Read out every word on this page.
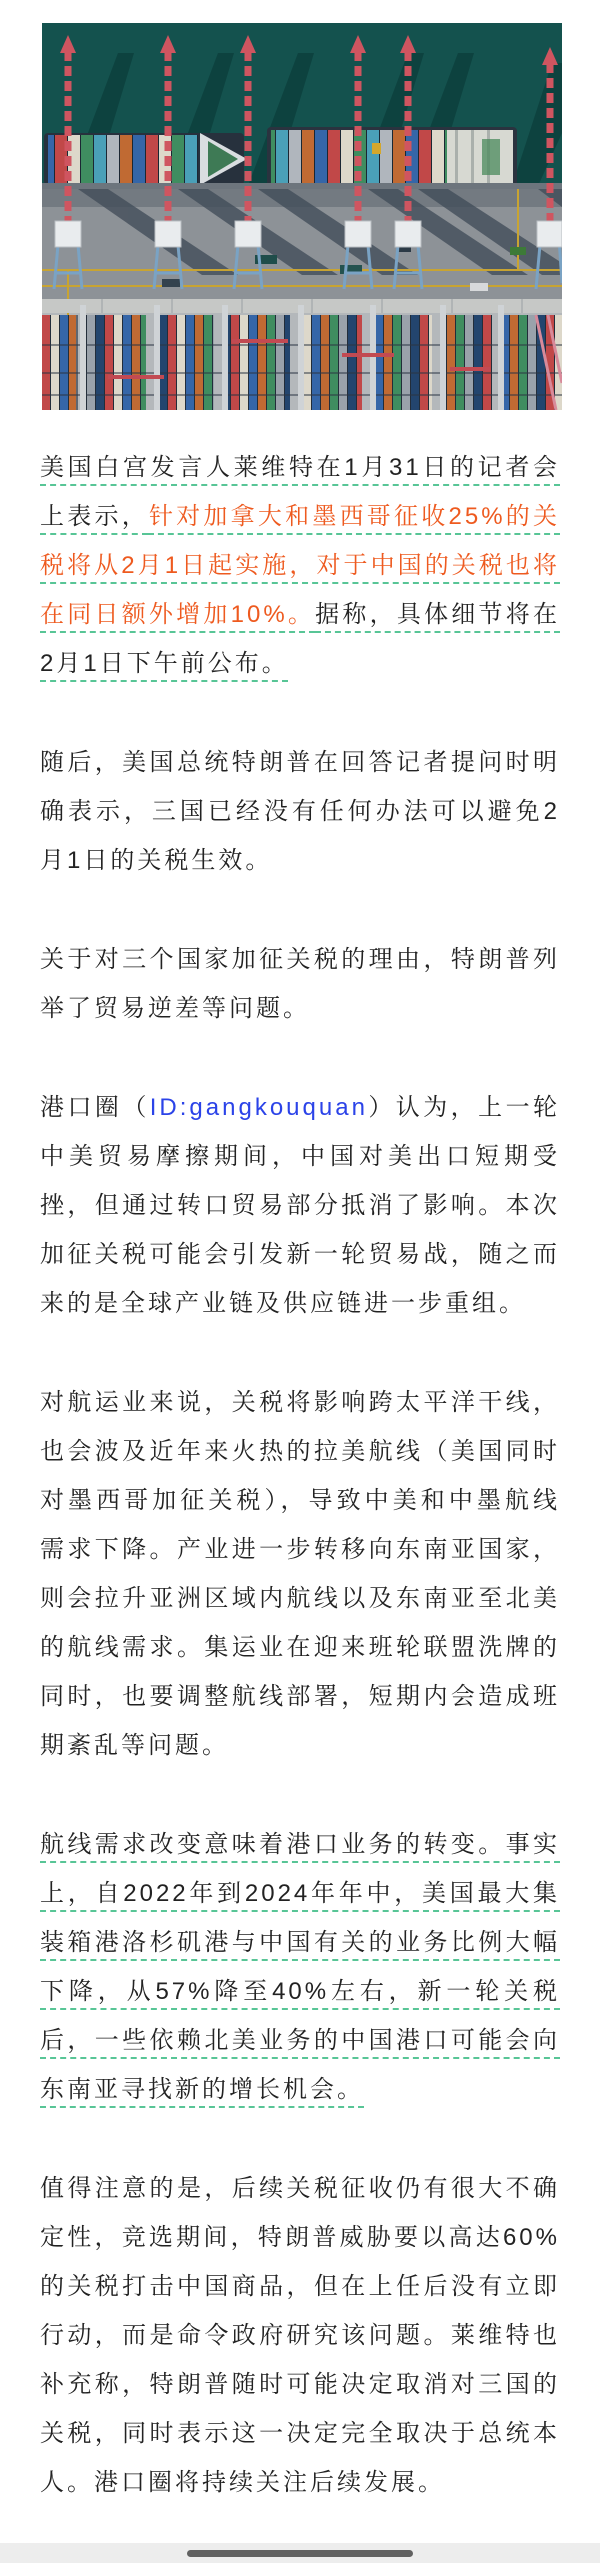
美国白宫发言人莱维特在1月31日的记者会上表示，针对加拿大和墨西哥征收25%的关税将从2月1日起实施，对于中国的关税也将在同日额外增加10%。据称，具体细节将在2月1日下午前公布。

随后，美国总统特朗普在回答记者提问时明确表示，三国已经没有任何办法可以避免2月1日的关税生效。

关于对三个国家加征关税的理由，特朗普列举了贸易逆差等问题。

港口圈（ID:gangkouquan）认为，上一轮中美贸易摩擦期间，中国对美出口短期受挫，但通过转口贸易部分抵消了影响。本次加征关税可能会引发新一轮贸易战，随之而来的是全球产业链及供应链进一步重组。

对航运业来说，关税将影响跨太平洋干线，也会波及近年来火热的拉美航线（美国同时对墨西哥加征关税），导致中美和中墨航线需求下降。产业进一步转移向东南亚国家，则会拉升亚洲区域内航线以及东南亚至北美的航线需求。集运业在迎来班轮联盟洗牌的同时，也要调整航线部署，短期内会造成班期紊乱等问题。

航线需求改变意味着港口业务的转变。事实上，自2022年到2024年年中，美国最大集装箱港洛杉矶港与中国有关的业务比例大幅下降，从57%降至40%左右，新一轮关税后，一些依赖北美业务的中国港口可能会向东南亚寻找新的增长机会。

值得注意的是，后续关税征收仍有很大不确定性，竞选期间，特朗普威胁要以高达60%的关税打击中国商品，但在上任后没有立即行动，而是命令政府研究该问题。莱维特也补充称，特朗普随时可能决定取消对三国的关税，同时表示这一决定完全取决于总统本人。港口圈将持续关注后续发展。
